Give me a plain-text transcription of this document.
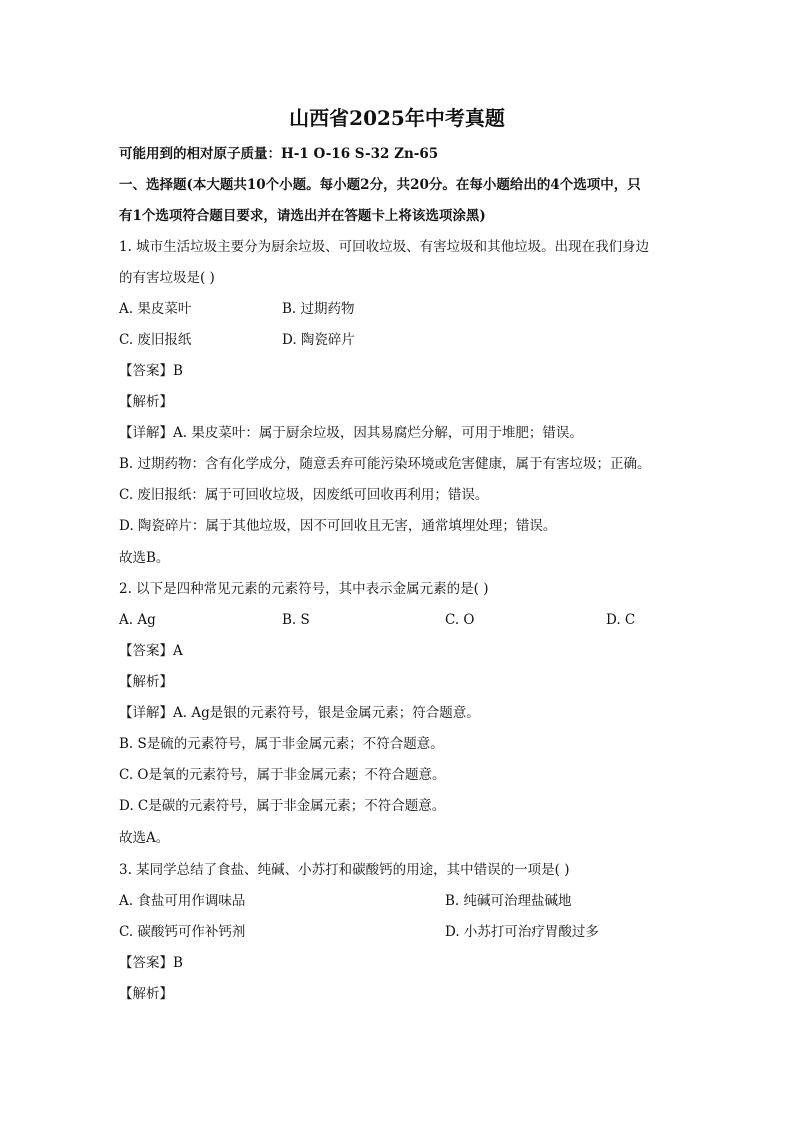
山西省2025年中考真题
可能用到的相对原子质量：H-1 O-16 S-32 Zn-65
一、选择题(本大题共10个小题。每小题2分，共20分。在每小题给出的4个选项中，只
有1个选项符合题目要求，请选出并在答题卡上将该选项涂黑)
1. 城市生活垃圾主要分为厨余垃圾、可回收垃圾、有害垃圾和其他垃圾。出现在我们身边
的有害垃圾是( )
A. 果皮菜叶	B. 过期药物
C. 废旧报纸	D. 陶瓷碎片
【答案】B
【解析】
【详解】A. 果皮菜叶：属于厨余垃圾，因其易腐烂分解，可用于堆肥；错误。
B. 过期药物：含有化学成分，随意丢弃可能污染环境或危害健康，属于有害垃圾；正确。
C. 废旧报纸：属于可回收垃圾，因废纸可回收再利用；错误。
D. 陶瓷碎片：属于其他垃圾，因不可回收且无害，通常填埋处理；错误。
故选B。
2. 以下是四种常见元素的元素符号，其中表示金属元素的是( )
A. Ag	B. S	C. O	D. C
【答案】A
【解析】
【详解】A. Ag是银的元素符号，银是金属元素；符合题意。
B. S是硫的元素符号，属于非金属元素；不符合题意。
C. O是氧的元素符号，属于非金属元素；不符合题意。
D. C是碳的元素符号，属于非金属元素；不符合题意。
故选A。
3. 某同学总结了食盐、纯碱、小苏打和碳酸钙的用途，其中错误的一项是( )
A. 食盐可用作调味品	B. 纯碱可治理盐碱地
C. 碳酸钙可作补钙剂	D. 小苏打可治疗胃酸过多
【答案】B
【解析】
